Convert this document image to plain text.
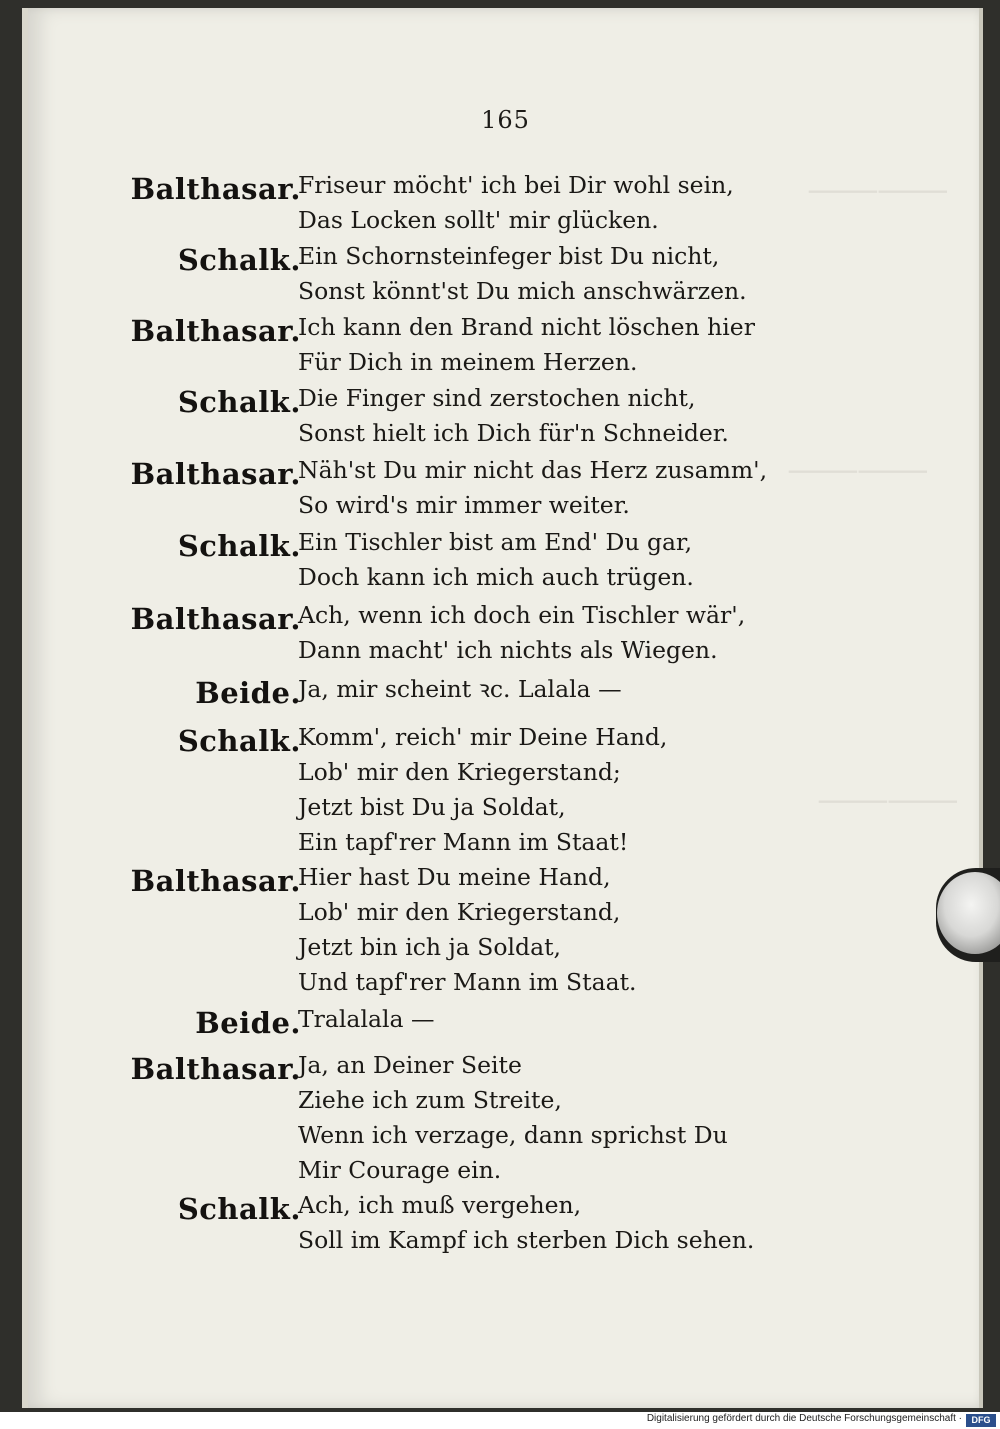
⸻⸻
⸻⸻
⸻⸻
165
Balthasar.
Friseur möcht' ich bei Dir wohl sein,
Das Locken sollt' mir glücken.
Schalk.
Ein Schornsteinfeger bist Du nicht,
Sonst könnt'st Du mich anschwärzen.
Balthasar.
Ich kann den Brand nicht löschen hier
Für Dich in meinem Herzen.
Schalk.
Die Finger sind zerstochen nicht,
Sonst hielt ich Dich für'n Schneider.
Balthasar.
Näh'st Du mir nicht das Herz zusamm',
So wird's mir immer weiter.
Schalk.
Ein Tischler bist am End' Du gar,
Doch kann ich mich auch trügen.
Balthasar.
Ach, wenn ich doch ein Tischler wär',
Dann macht' ich nichts als Wiegen.
Beide.
Ja, mir scheint ꝛc. Lalala —
Schalk.
Komm', reich' mir Deine Hand,
Lob' mir den Kriegerstand;
Jetzt bist Du ja Soldat,
Ein tapf'rer Mann im Staat!
Balthasar.
Hier hast Du meine Hand,
Lob' mir den Kriegerstand,
Jetzt bin ich ja Soldat,
Und tapf'rer Mann im Staat.
Beide.
Tralalala —
Balthasar.
Ja, an Deiner Seite
Ziehe ich zum Streite,
Wenn ich verzage, dann sprichst Du
Mir Courage ein.
Schalk.
Ach, ich muß vergehen,
Soll im Kampf ich sterben Dich sehen.
Digitalisierung gefördert durch die Deutsche Forschungsgemeinschaft ·	DFG
